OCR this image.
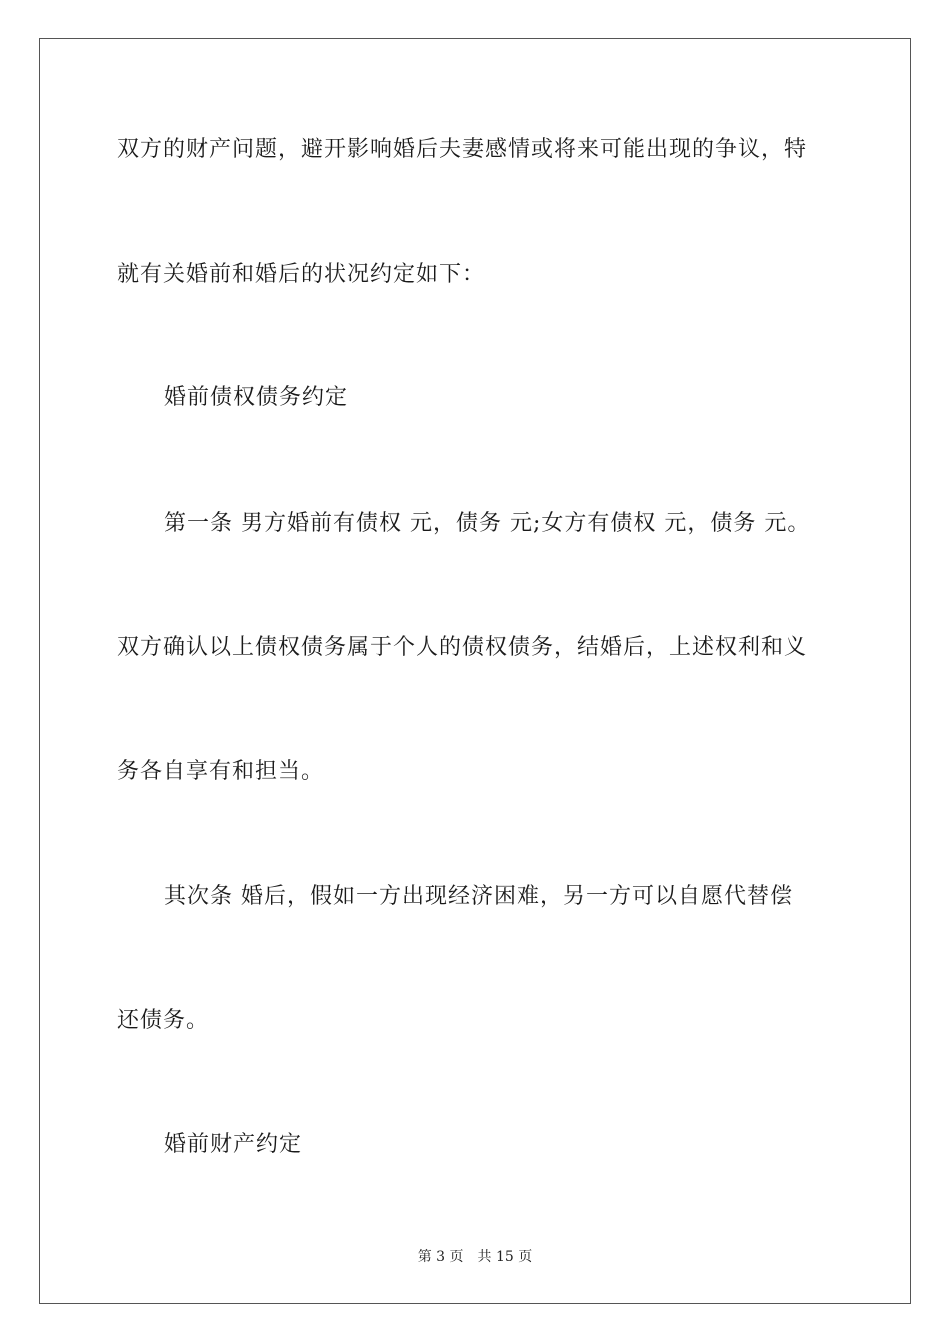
双方的财产问题，避开影响婚后夫妻感情或将来可能出现的争议，特
就有关婚前和婚后的状况约定如下：
婚前债权债务约定
第一条 男方婚前有债权 元，债务 元;女方有债权 元，债务 元。
双方确认以上债权债务属于个人的债权债务，结婚后，上述权利和义
务各自享有和担当。
其次条 婚后，假如一方出现经济困难，另一方可以自愿代替偿
还债务。
婚前财产约定
第 3 页 共 15 页
